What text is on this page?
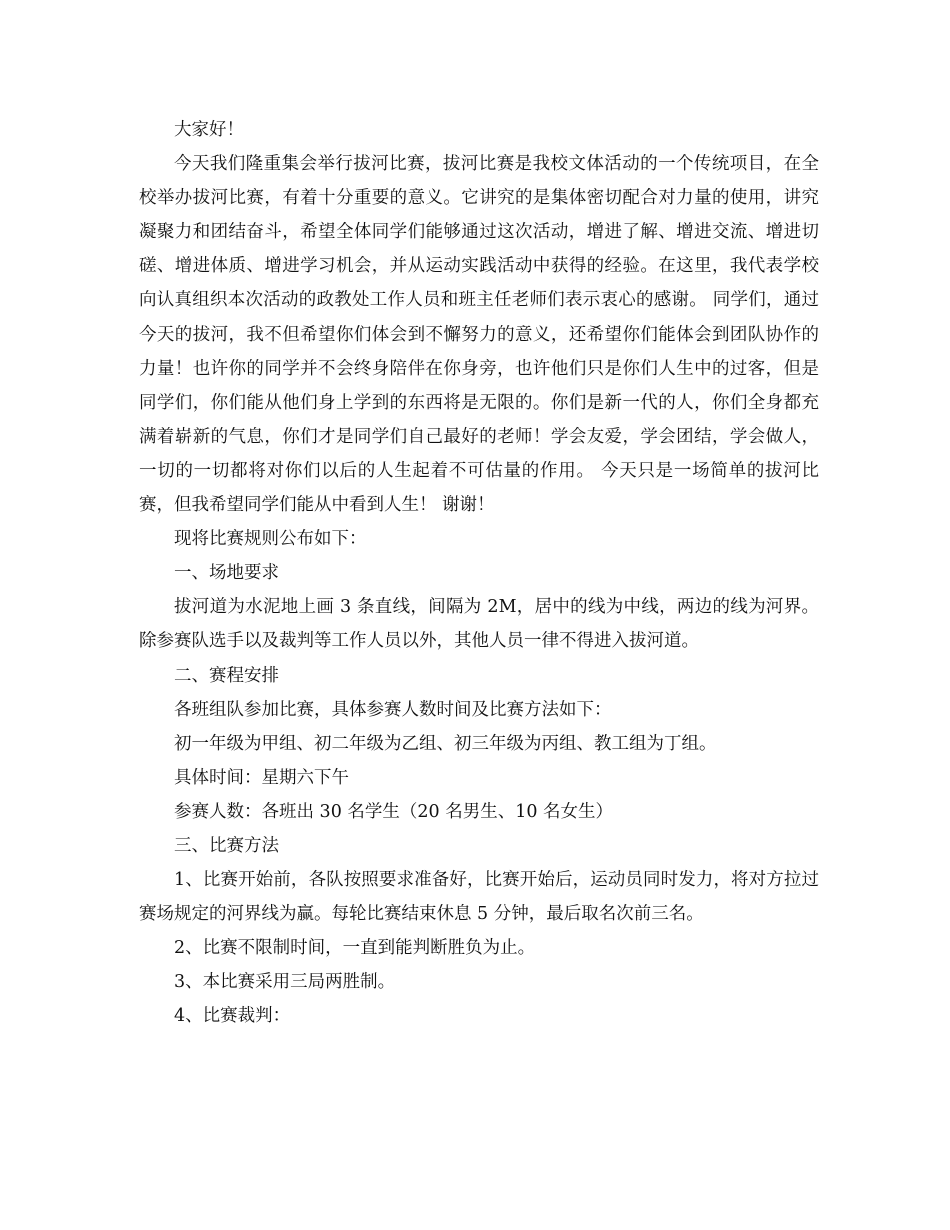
大家好！

今天我们隆重集会举行拔河比赛，拔河比赛是我校文体活动的一个传统项目，在全校举办拔河比赛，有着十分重要的意义。它讲究的是集体密切配合对力量的使用，讲究凝聚力和团结奋斗，希望全体同学们能够通过这次活动，增进了解、增进交流、增进切磋、增进体质、增进学习机会，并从运动实践活动中获得的经验。在这里，我代表学校向认真组织本次活动的政教处工作人员和班主任老师们表示衷心的感谢。 同学们，通过今天的拔河，我不但希望你们体会到不懈努力的意义，还希望你们能体会到团队协作的力量！也许你的同学并不会终身陪伴在你身旁，也许他们只是你们人生中的过客，但是同学们，你们能从他们身上学到的东西将是无限的。你们是新一代的人，你们全身都充满着崭新的气息，你们才是同学们自己最好的老师！学会友爱，学会团结，学会做人，一切的一切都将对你们以后的人生起着不可估量的作用。 今天只是一场简单的拔河比赛，但我希望同学们能从中看到人生！ 谢谢！

现将比赛规则公布如下：

一、场地要求

拔河道为水泥地上画 3 条直线，间隔为 2M，居中的线为中线，两边的线为河界。除参赛队选手以及裁判等工作人员以外，其他人员一律不得进入拔河道。

二、赛程安排

各班组队参加比赛，具体参赛人数时间及比赛方法如下：

初一年级为甲组、初二年级为乙组、初三年级为丙组、教工组为丁组。

具体时间：星期六下午

参赛人数：各班出 30 名学生（20 名男生、10 名女生）

三、比赛方法

1、比赛开始前，各队按照要求准备好，比赛开始后，运动员同时发力，将对方拉过赛场规定的河界线为赢。每轮比赛结束休息 5 分钟，最后取名次前三名。

2、比赛不限制时间，一直到能判断胜负为止。

3、本比赛采用三局两胜制。

4、比赛裁判：
